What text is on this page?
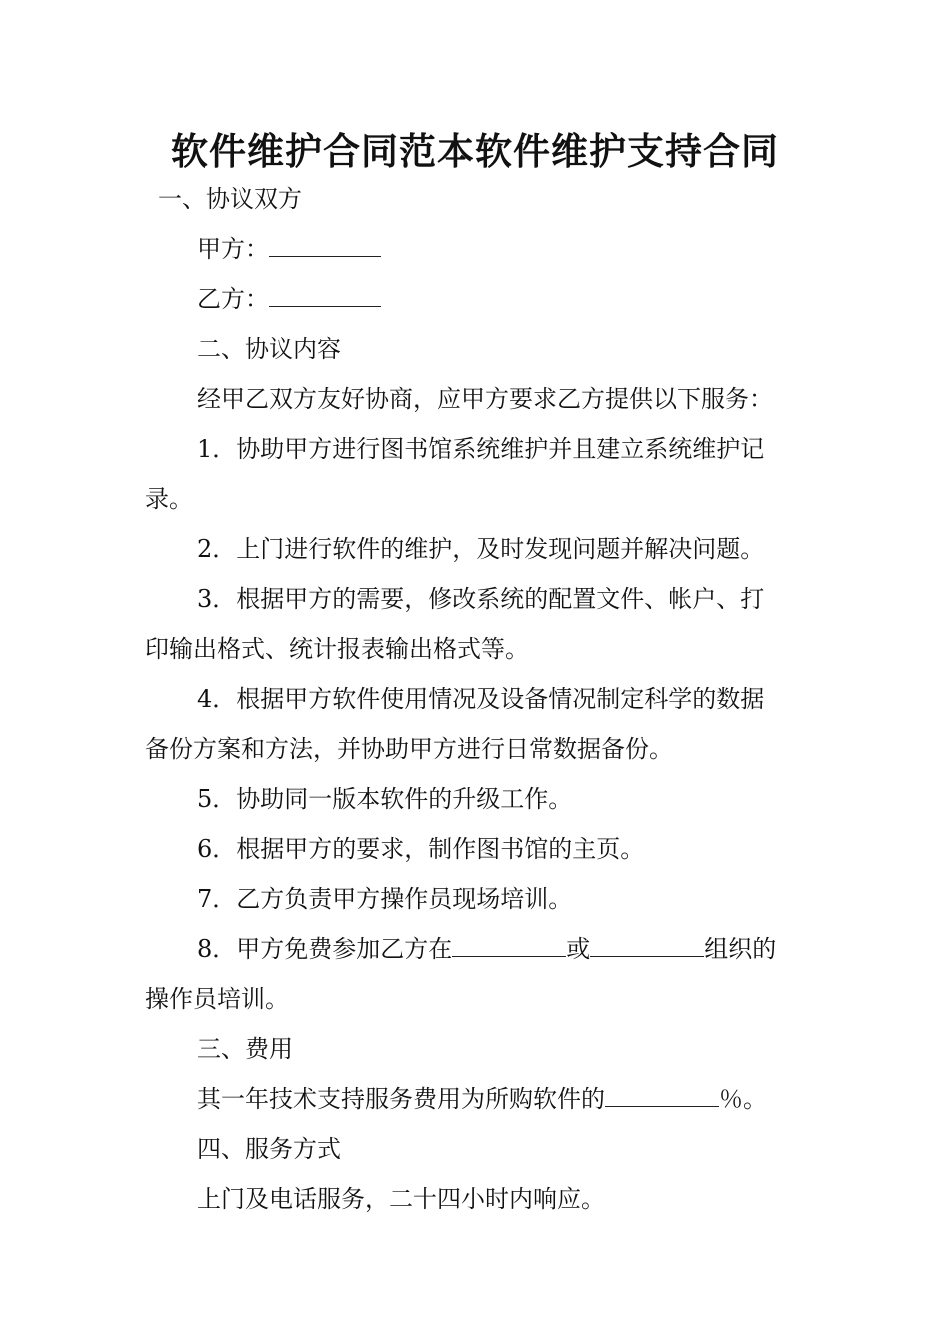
软件维护合同范本软件维护支持合同

一、协议双方

甲方：

乙方：

二、协议内容

经甲乙双方友好协商，应甲方要求乙方提供以下服务：

1．协助甲方进行图书馆系统维护并且建立系统维护记

录。

2．上门进行软件的维护，及时发现问题并解决问题。

3．根据甲方的需要，修改系统的配置文件、帐户、打

印输出格式、统计报表输出格式等。

4．根据甲方软件使用情况及设备情况制定科学的数据

备份方案和方法，并协助甲方进行日常数据备份。

5．协助同一版本软件的升级工作。

6．根据甲方的要求，制作图书馆的主页。

7．乙方负责甲方操作员现场培训。

8．甲方免费参加乙方在	或	组织的

操作员培训。

三、费用

其一年技术支持服务费用为所购软件的	％。

四、服务方式

上门及电话服务，二十四小时内响应。
